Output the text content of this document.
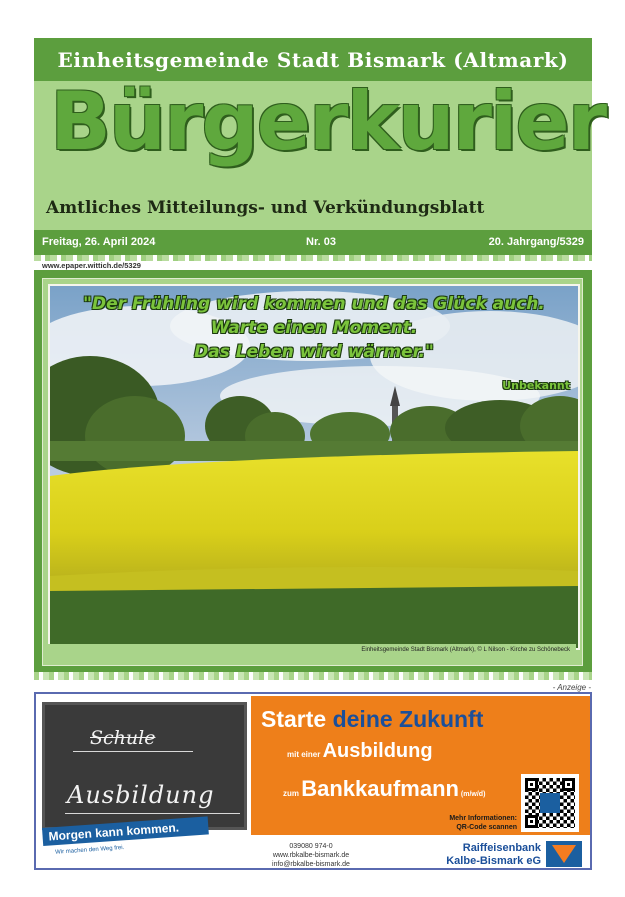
Einheitsgemeinde Stadt Bismark (Altmark)
Bürgerkurier
Amtliches Mitteilungs- und Verkündungsblatt
Freitag, 26. April 2024	Nr. 03	20. Jahrgang/5329
www.epaper.wittich.de/5329
"Der Frühling wird kommen und das Glück auch.
Warte einen Moment.
Das Leben wird wärmer."
Unbekannt
Einheitsgemeinde Stadt Bismark (Altmark), © L Nilson - Kirche zu Schönebeck
- Anzeige -
Schule
Ausbildung
Morgen kann kommen.
Wir machen den Weg frei.
Starte deine Zukunft
mit einer Ausbildung
zum Bankkaufmann (m/w/d)
Mehr Informationen:
QR-Code scannen
039080 974-0
www.rbkalbe-bismark.de
info@rbkalbe-bismark.de
Raiffeisenbank
Kalbe-Bismark eG
